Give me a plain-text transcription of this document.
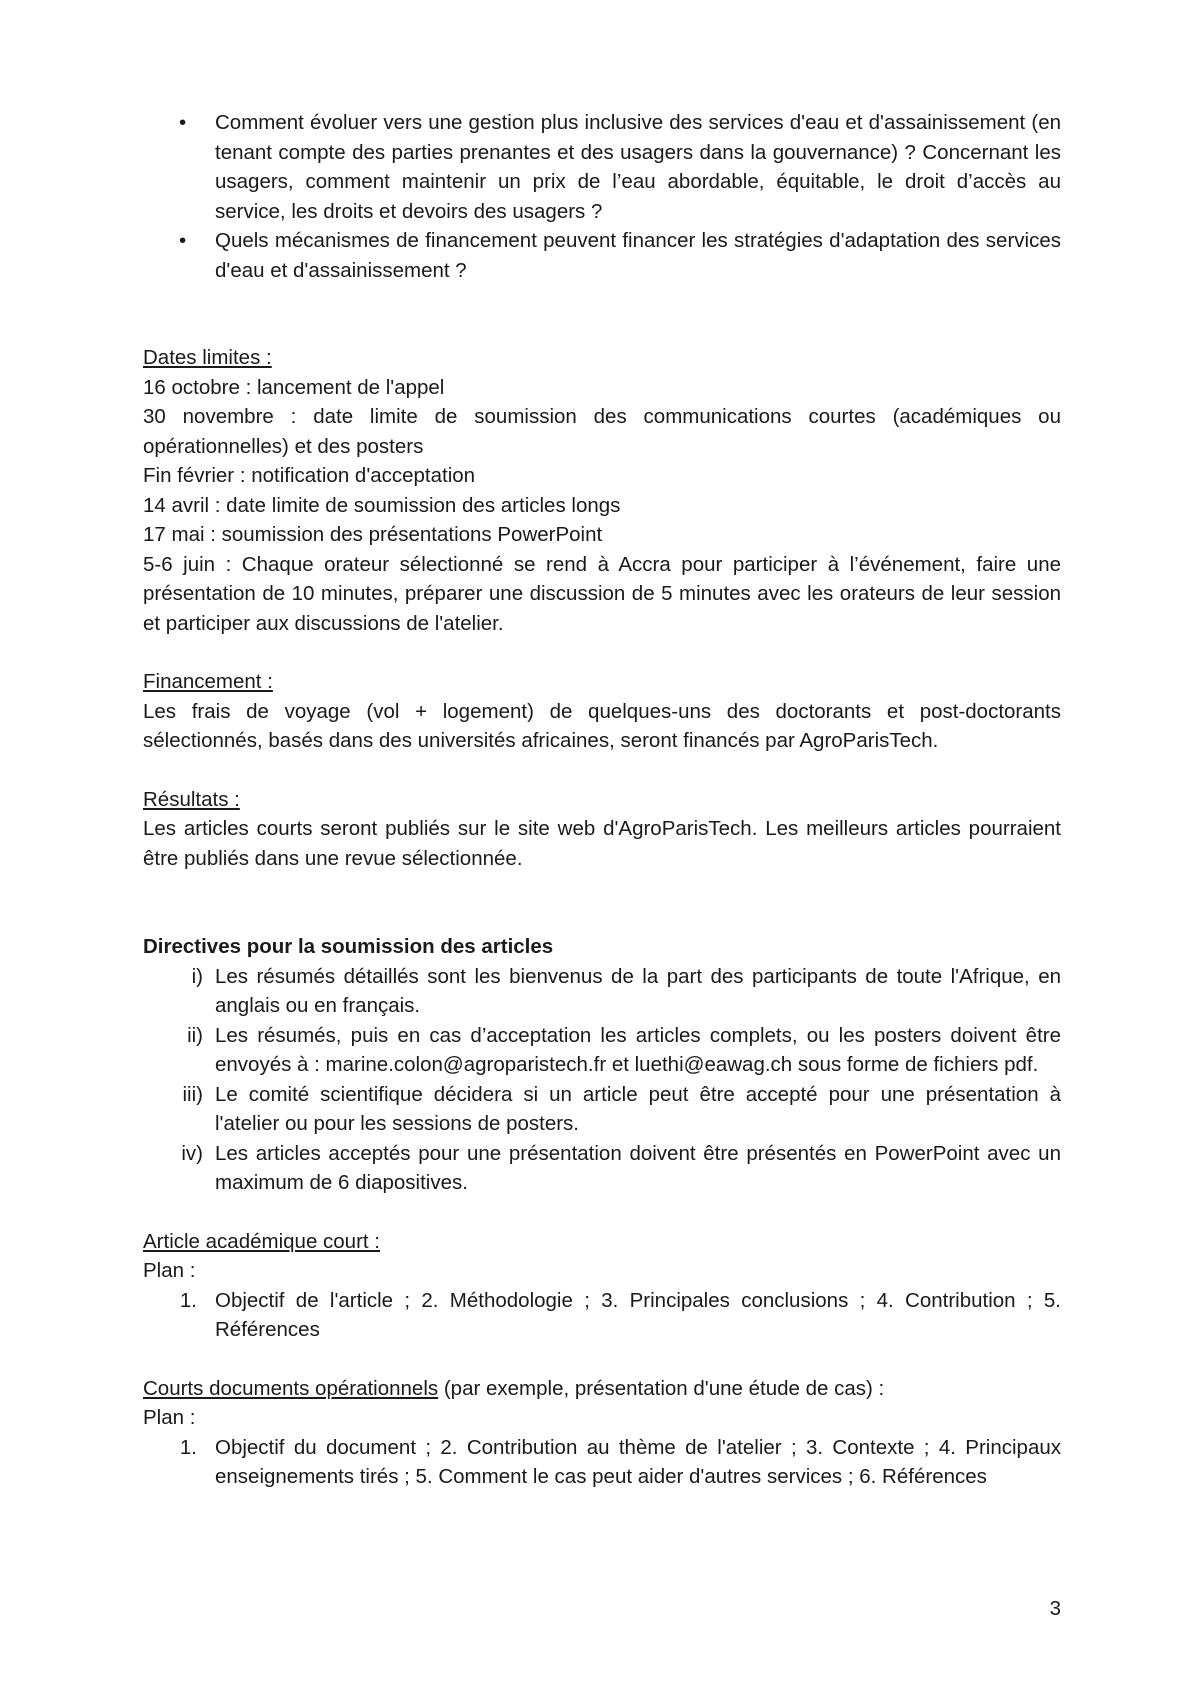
• Comment évoluer vers une gestion plus inclusive des services d'eau et d'assainissement (en tenant compte des parties prenantes et des usagers dans la gouvernance) ? Concernant les usagers, comment maintenir un prix de l’eau abordable, équitable, le droit d’accès au service, les droits et devoirs des usagers ?
• Quels mécanismes de financement peuvent financer les stratégies d'adaptation des services d'eau et d'assainissement ?
Dates limites :
16 octobre : lancement de l'appel
30 novembre : date limite de soumission des communications courtes (académiques ou opérationnelles) et des posters
Fin février : notification d'acceptation
14 avril : date limite de soumission des articles longs
17 mai : soumission des présentations PowerPoint
5-6 juin : Chaque orateur sélectionné se rend à Accra pour participer à l’événement, faire une présentation de 10 minutes, préparer une discussion de 5 minutes avec les orateurs de leur session et participer aux discussions de l'atelier.
Financement :
Les frais de voyage (vol + logement) de quelques-uns des doctorants et post-doctorants sélectionnés, basés dans des universités africaines, seront financés par AgroParisTech.
Résultats :
Les articles courts seront publiés sur le site web d'AgroParisTech. Les meilleurs articles pourraient être publiés dans une revue sélectionnée.
Directives pour la soumission des articles
i) Les résumés détaillés sont les bienvenus de la part des participants de toute l'Afrique, en anglais ou en français.
ii) Les résumés, puis en cas d’acceptation les articles complets, ou les posters doivent être envoyés à : marine.colon@agroparistech.fr et luethi@eawag.ch sous forme de fichiers pdf.
iii) Le comité scientifique décidera si un article peut être accepté pour une présentation à l'atelier ou pour les sessions de posters.
iv) Les articles acceptés pour une présentation doivent être présentés en PowerPoint avec un maximum de 6 diapositives.
Article académique court :
Plan :
1. Objectif de l'article ; 2. Méthodologie ; 3. Principales conclusions ; 4. Contribution ; 5. Références
Courts documents opérationnels (par exemple, présentation d'une étude de cas) :
Plan :
1. Objectif du document ; 2. Contribution au thème de l'atelier ; 3. Contexte ; 4. Principaux enseignements tirés ; 5. Comment le cas peut aider d'autres services ; 6. Références
3
